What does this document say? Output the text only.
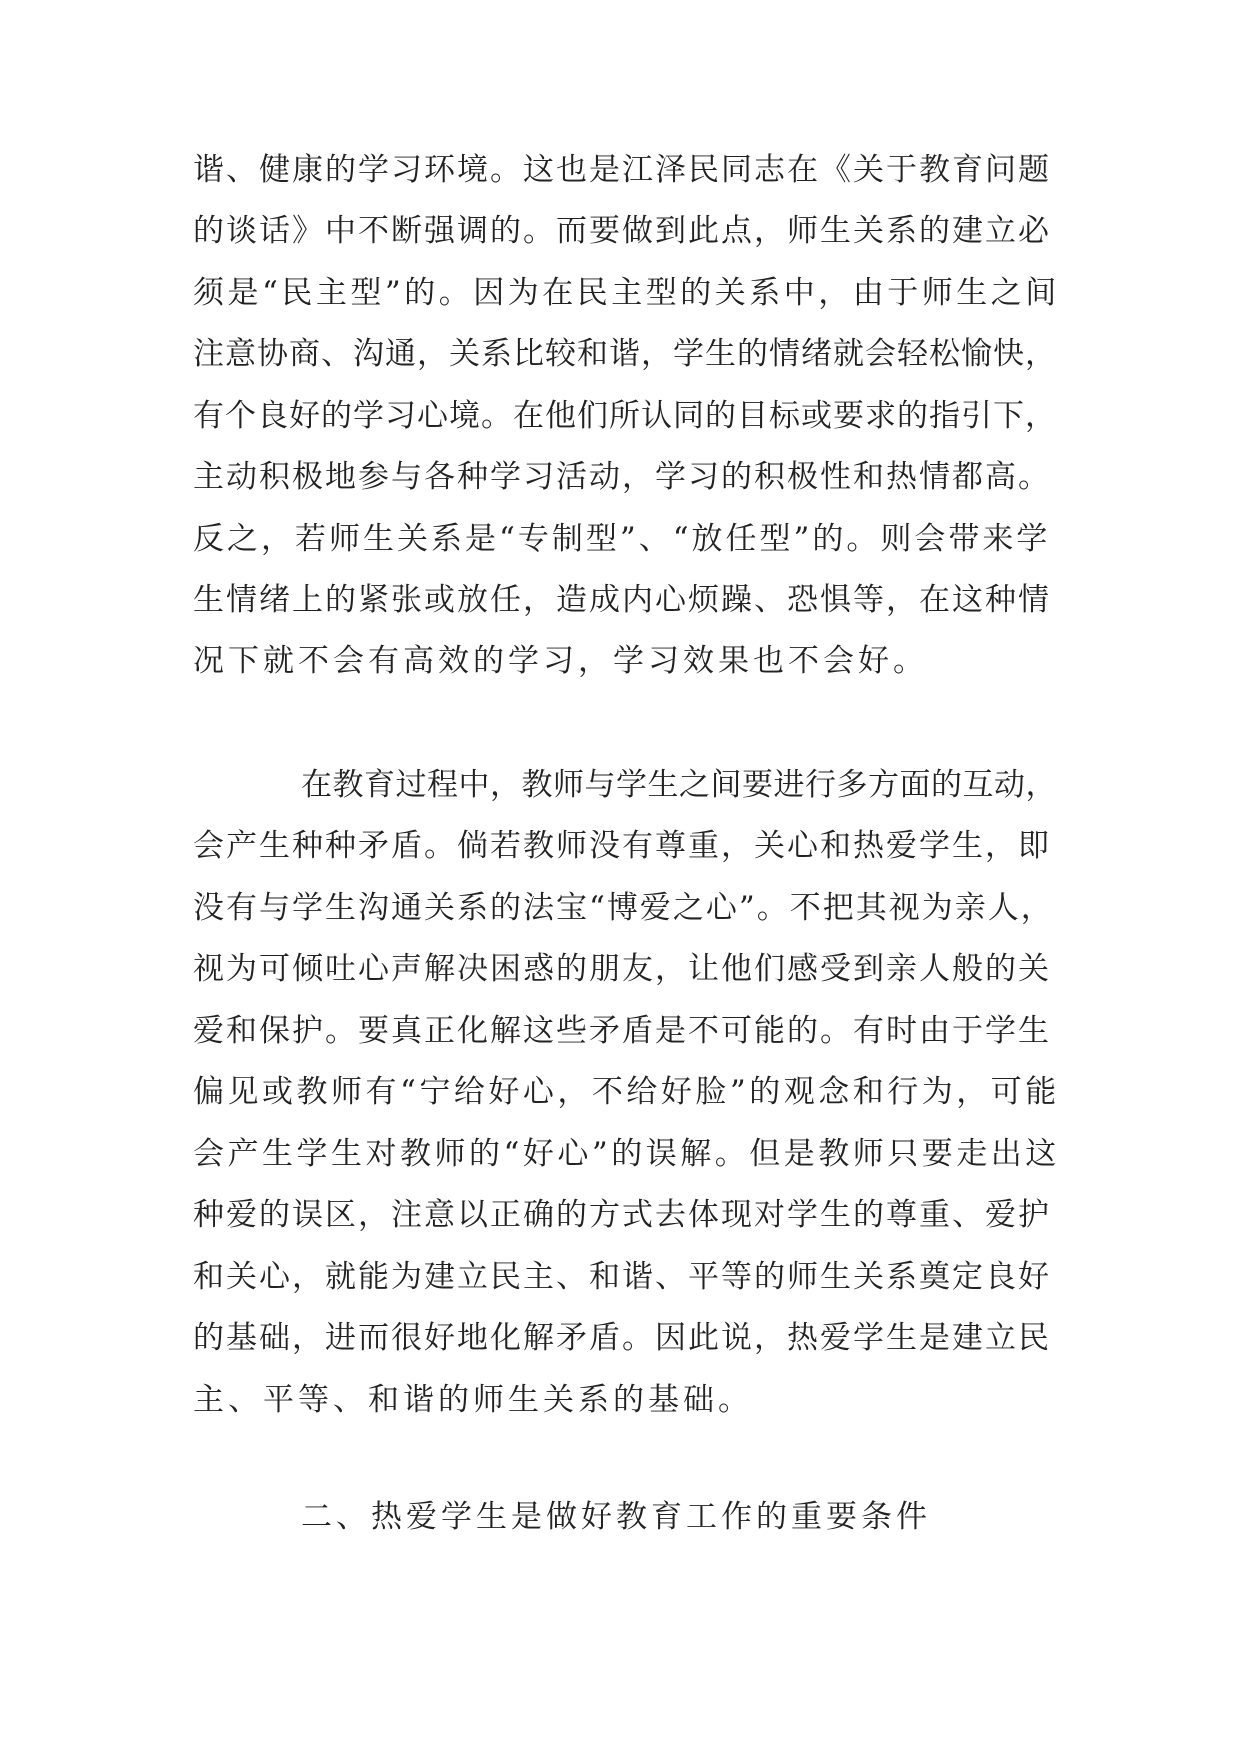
谐、健康的学习环境。这也是江泽民同志在《关于教育问题
的谈话》中不断强调的。而要做到此点，师生关系的建立必
须是“民主型”的。因为在民主型的关系中，由于师生之间
注意协商、沟通，关系比较和谐，学生的情绪就会轻松愉快，
有个良好的学习心境。在他们所认同的目标或要求的指引下，
主动积极地参与各种学习活动，学习的积极性和热情都高。
反之，若师生关系是“专制型”、“放任型”的。则会带来学
生情绪上的紧张或放任，造成内心烦躁、恐惧等，在这种情
况下就不会有高效的学习，学习效果也不会好。
在教育过程中，教师与学生之间要进行多方面的互动，
会产生种种矛盾。倘若教师没有尊重，关心和热爱学生，即
没有与学生沟通关系的法宝“博爱之心”。不把其视为亲人，
视为可倾吐心声解决困惑的朋友，让他们感受到亲人般的关
爱和保护。要真正化解这些矛盾是不可能的。有时由于学生
偏见或教师有“宁给好心，不给好脸”的观念和行为，可能
会产生学生对教师的“好心”的误解。但是教师只要走出这
种爱的误区，注意以正确的方式去体现对学生的尊重、爱护
和关心，就能为建立民主、和谐、平等的师生关系奠定良好
的基础，进而很好地化解矛盾。因此说，热爱学生是建立民
主、平等、和谐的师生关系的基础。
二、热爱学生是做好教育工作的重要条件
